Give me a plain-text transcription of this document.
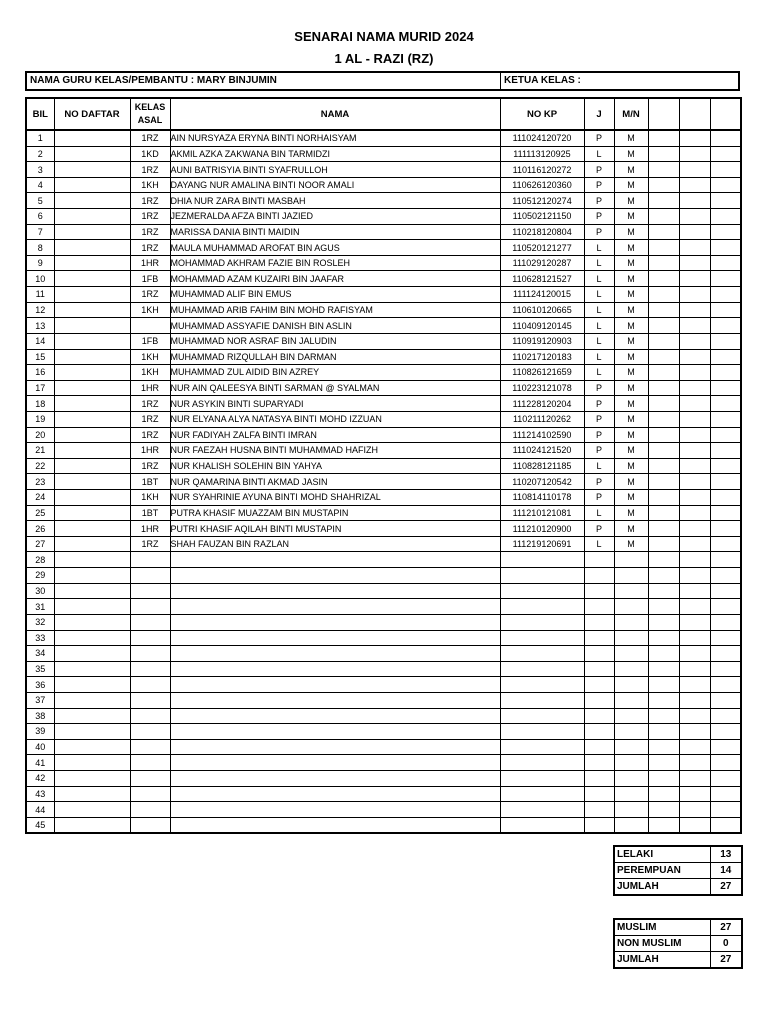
SENARAI NAMA MURID 2024
1 AL - RAZI (RZ)
NAMA GURU KELAS/PEMBANTU : MARY BINJUMIN	KETUA KELAS :
BIL	NO DAFTAR	KELAS ASAL	NAMA	NO KP	J	M/N			
1		1RZ	AIN NURSYAZA ERYNA BINTI NORHAISYAM	111024120720	P	M			
2		1KD	AKMIL AZKA ZAKWANA BIN TARMIDZI	111113120925	L	M			
3		1RZ	AUNI BATRISYIA BINTI SYAFRULLOH	110116120272	P	M			
4		1KH	DAYANG NUR AMALINA BINTI NOOR AMALI	110626120360	P	M			
5		1RZ	DHIA NUR ZARA BINTI MASBAH	110512120274	P	M			
6		1RZ	JEZMERALDA AFZA BINTI JAZIED	110502121150	P	M			
7		1RZ	MARISSA DANIA BINTI MAIDIN	110218120804	P	M			
8		1RZ	MAULA MUHAMMAD AROFAT BIN AGUS	110520121277	L	M			
9		1HR	MOHAMMAD AKHRAM FAZIE BIN ROSLEH	111029120287	L	M			
10		1FB	MOHAMMAD AZAM KUZAIRI BIN JAAFAR	110628121527	L	M			
11		1RZ	MUHAMMAD ALIF BIN EMUS	111124120015	L	M			
12		1KH	MUHAMMAD ARIB FAHIM BIN MOHD RAFISYAM	110610120665	L	M			
13			MUHAMMAD ASSYAFIE DANISH BIN ASLIN	110409120145	L	M			
14		1FB	MUHAMMAD NOR ASRAF BIN JALUDIN	110919120903	L	M			
15		1KH	MUHAMMAD RIZQULLAH BIN DARMAN	110217120183	L	M			
16		1KH	MUHAMMAD ZUL AIDID BIN AZREY	110826121659	L	M			
17		1HR	NUR AIN QALEESYA BINTI SARMAN @ SYALMAN	110223121078	P	M			
18		1RZ	NUR ASYKIN BINTI SUPARYADI	111228120204	P	M			
19		1RZ	NUR ELYANA ALYA NATASYA BINTI MOHD IZZUAN	110211120262	P	M			
20		1RZ	NUR FADIYAH ZALFA BINTI IMRAN	111214102590	P	M			
21		1HR	NUR FAEZAH HUSNA BINTI MUHAMMAD HAFIZH	111024121520	P	M			
22		1RZ	NUR KHALISH SOLEHIN BIN YAHYA	110828121185	L	M			
23		1BT	NUR QAMARINA BINTI AKMAD JASIN	110207120542	P	M			
24		1KH	NUR SYAHRINIE AYUNA BINTI MOHD SHAHRIZAL	110814110178	P	M			
25		1BT	PUTRA KHASIF MUAZZAM BIN MUSTAPIN	111210121081	L	M			
26		1HR	PUTRI KHASIF AQILAH BINTI MUSTAPIN	111210120900	P	M			
27		1RZ	SHAH FAUZAN BIN RAZLAN	111219120691	L	M			
28									
29									
30									
31									
32									
33									
34									
35									
36									
37									
38									
39									
40									
41									
42									
43									
44									
45									
LELAKI	13
PEREMPUAN	14
JUMLAH	27
MUSLIM	27
NON MUSLIM	0
JUMLAH	27
